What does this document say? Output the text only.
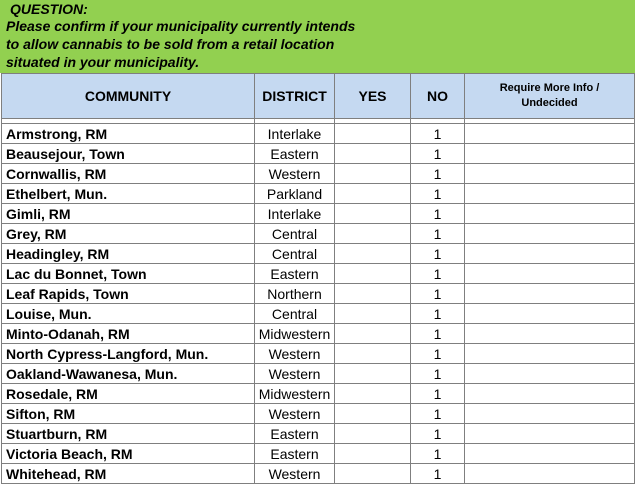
QUESTION:
Please confirm if your municipality currently intends
to allow cannabis to be sold from a retail location
situated in your municipality.
COMMUNITY	DISTRICT	YES	NO	Require More Info /
Undecided

Armstrong, RM	Interlake		1	
Beausejour, Town	Eastern		1	
Cornwallis, RM	Western		1	
Ethelbert, Mun.	Parkland		1	
Gimli, RM	Interlake		1	
Grey, RM	Central		1	
Headingley, RM	Central		1	
Lac du Bonnet, Town	Eastern		1	
Leaf Rapids, Town	Northern		1	
Louise, Mun.	Central		1	
Minto-Odanah, RM	Midwestern		1	
North Cypress-Langford, Mun.	Western		1	
Oakland-Wawanesa, Mun.	Western		1	
Rosedale, RM	Midwestern		1	
Sifton, RM	Western		1	
Stuartburn, RM	Eastern		1	
Victoria Beach, RM	Eastern		1	
Whitehead, RM	Western		1	
